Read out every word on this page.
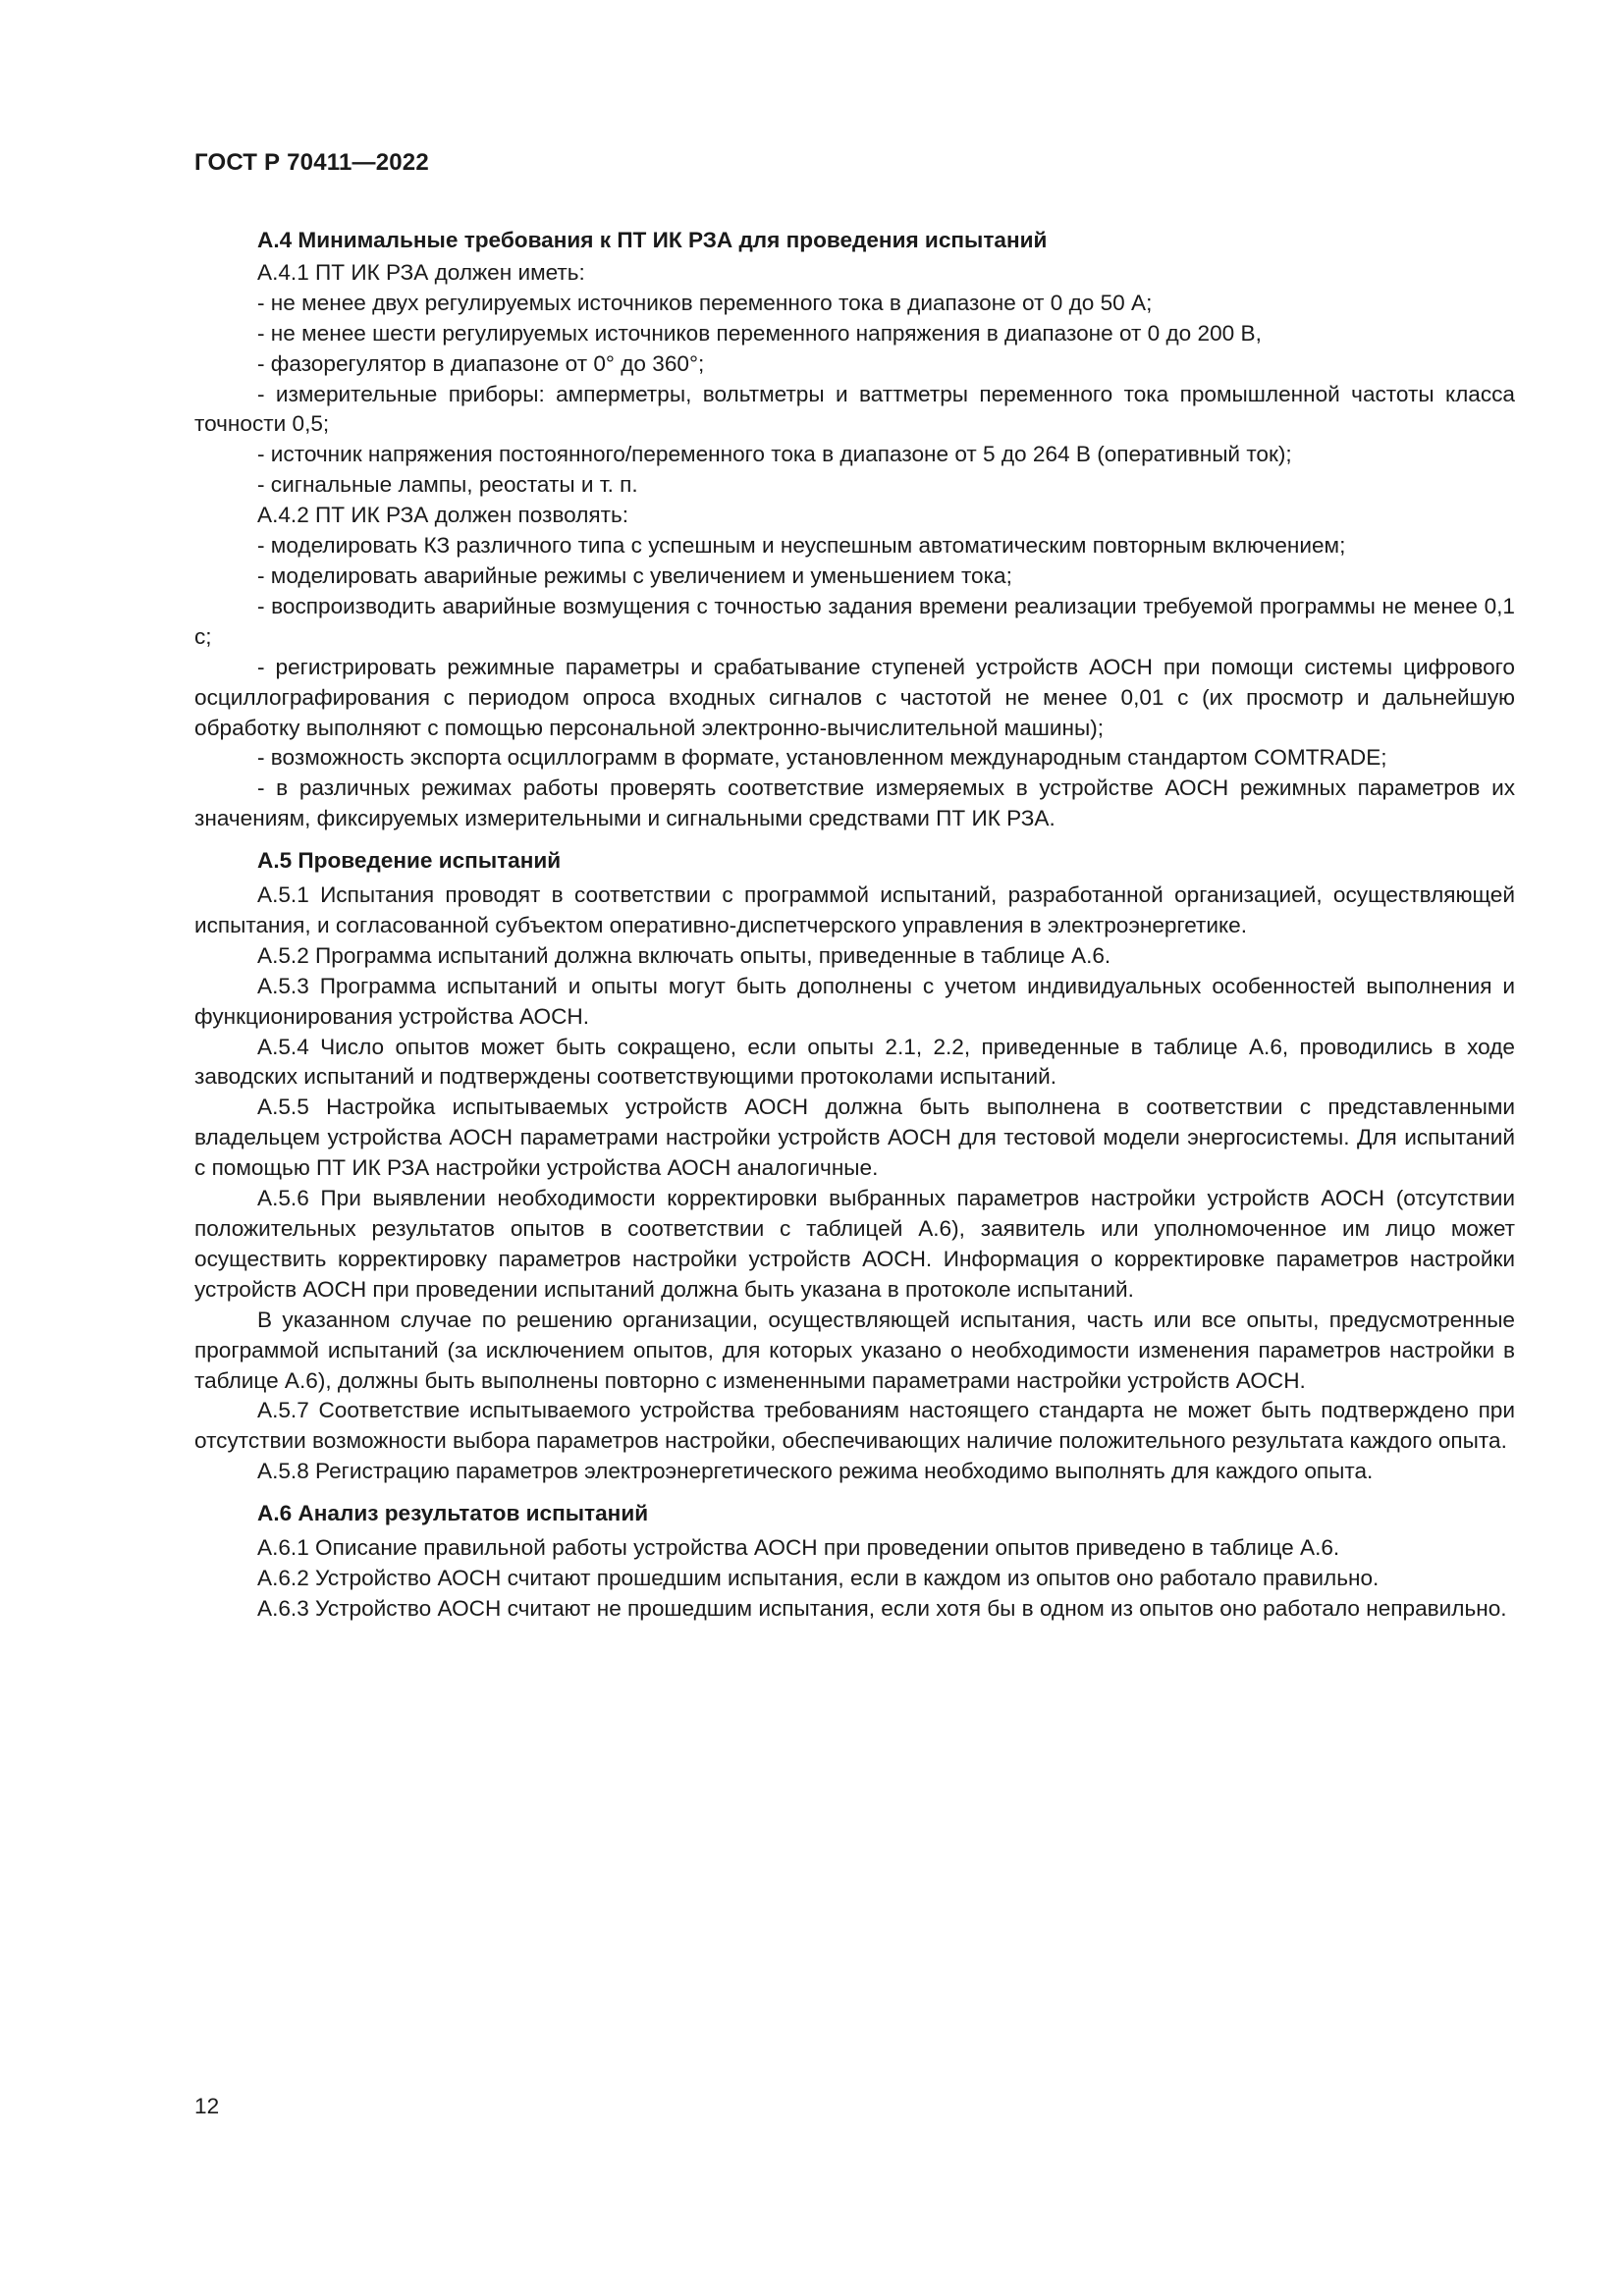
ГОСТ Р 70411—2022
А.4 Минимальные требования к ПТ ИК РЗА для проведения испытаний

А.4.1 ПТ ИК РЗА должен иметь:

- не менее двух регулируемых источников переменного тока в диапазоне от 0 до 50 А;

- не менее шести регулируемых источников переменного напряжения в диапазоне от 0 до 200 В,

- фазорегулятор в диапазоне от 0° до 360°;

- измерительные приборы: амперметры, вольтметры и ваттметры переменного тока промышленной частоты класса точности 0,5;

- источник напряжения постоянного/переменного тока в диапазоне от 5 до 264 В (оперативный ток);

- сигнальные лампы, реостаты и т. п.

А.4.2 ПТ ИК РЗА должен позволять:

- моделировать КЗ различного типа с успешным и неуспешным автоматическим повторным включением;

- моделировать аварийные режимы с увеличением и уменьшением тока;

- воспроизводить аварийные возмущения с точностью задания времени реализации требуемой программы не менее 0,1 с;

- регистрировать режимные параметры и срабатывание ступеней устройств АОСН при помощи системы цифрового осциллографирования с периодом опроса входных сигналов с частотой не менее 0,01 с (их просмотр и дальнейшую обработку выполняют с помощью персональной электронно-вычислительной машины);

- возможность экспорта осциллограмм в формате, установленном международным стандартом COMTRADE;

- в различных режимах работы проверять соответствие измеряемых в устройстве АОСН режимных параметров их значениям, фиксируемых измерительными и сигнальными средствами ПТ ИК РЗА.

А.5 Проведение испытаний

А.5.1 Испытания проводят в соответствии с программой испытаний, разработанной организацией, осуществляющей испытания, и согласованной субъектом оперативно-диспетчерского управления в электроэнергетике.

А.5.2 Программа испытаний должна включать опыты, приведенные в таблице А.6.

А.5.3 Программа испытаний и опыты могут быть дополнены с учетом индивидуальных особенностей выполнения и функционирования устройства АОСН.

А.5.4 Число опытов может быть сокращено, если опыты 2.1, 2.2, приведенные в таблице А.6, проводились в ходе заводских испытаний и подтверждены соответствующими протоколами испытаний.

А.5.5 Настройка испытываемых устройств АОСН должна быть выполнена в соответствии с представленными владельцем устройства АОСН параметрами настройки устройств АОСН для тестовой модели энергосистемы. Для испытаний с помощью ПТ ИК РЗА настройки устройства АОСН аналогичные.

А.5.6 При выявлении необходимости корректировки выбранных параметров настройки устройств АОСН (отсутствии положительных результатов опытов в соответствии с таблицей А.6), заявитель или уполномоченное им лицо может осуществить корректировку параметров настройки устройств АОСН. Информация о корректировке параметров настройки устройств АОСН при проведении испытаний должна быть указана в протоколе испытаний.

В указанном случае по решению организации, осуществляющей испытания, часть или все опыты, предусмотренные программой испытаний (за исключением опытов, для которых указано о необходимости изменения параметров настройки в таблице А.6), должны быть выполнены повторно с измененными параметрами настройки устройств АОСН.

А.5.7 Соответствие испытываемого устройства требованиям настоящего стандарта не может быть подтверждено при отсутствии возможности выбора параметров настройки, обеспечивающих наличие положительного результата каждого опыта.

А.5.8 Регистрацию параметров электроэнергетического режима необходимо выполнять для каждого опыта.

А.6 Анализ результатов испытаний

А.6.1 Описание правильной работы устройства АОСН при проведении опытов приведено в таблице А.6.

А.6.2 Устройство АОСН считают прошедшим испытания, если в каждом из опытов оно работало правильно.

А.6.3 Устройство АОСН считают не прошедшим испытания, если хотя бы в одном из опытов оно работало неправильно.

12
